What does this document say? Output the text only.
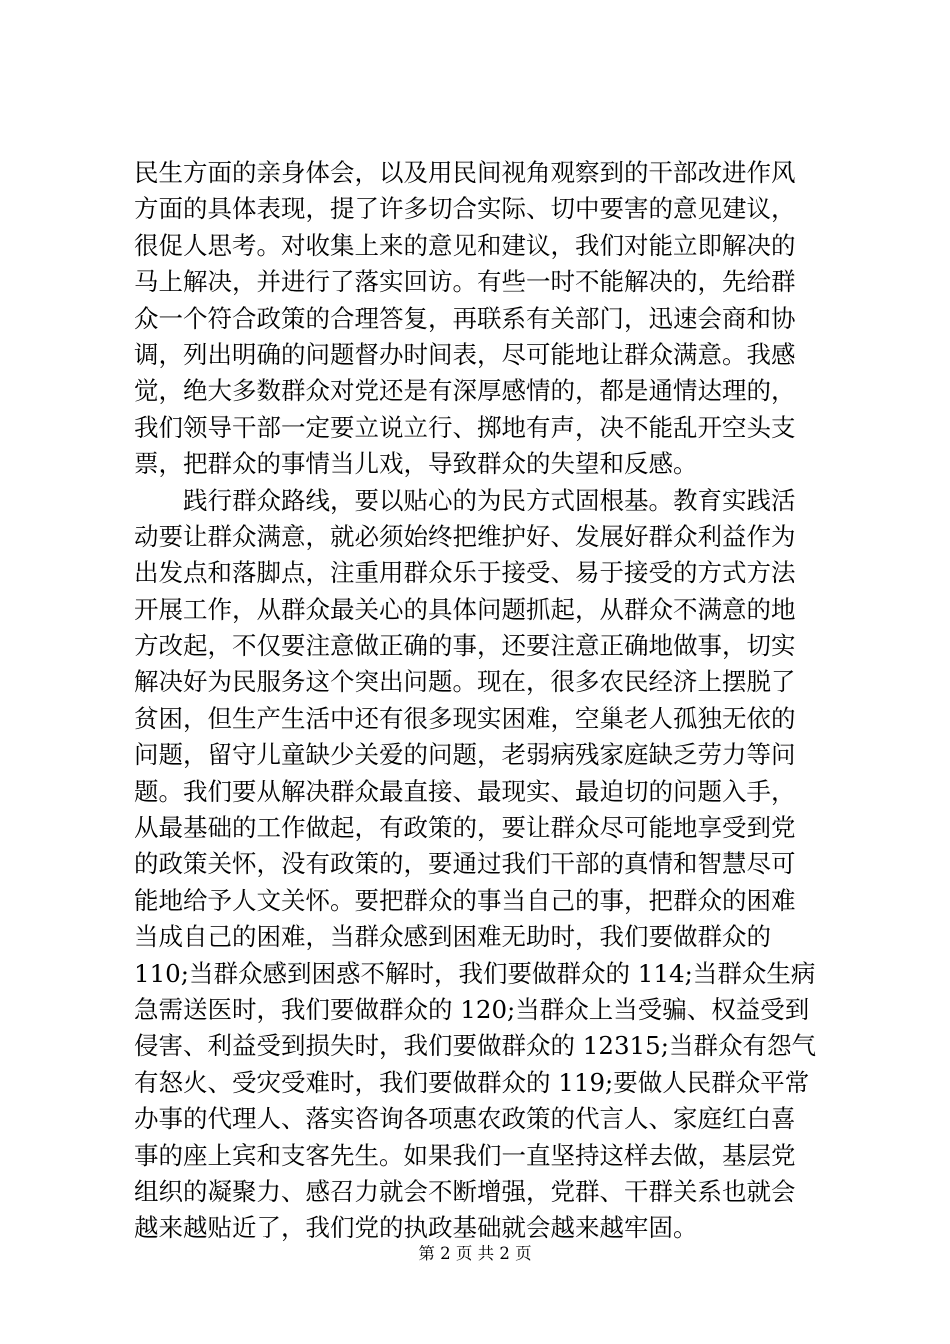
民生方面的亲身体会，以及用民间视角观察到的干部改进作风
方面的具体表现，提了许多切合实际、切中要害的意见建议，
很促人思考。对收集上来的意见和建议，我们对能立即解决的
马上解决，并进行了落实回访。有些一时不能解决的，先给群
众一个符合政策的合理答复，再联系有关部门，迅速会商和协
调，列出明确的问题督办时间表，尽可能地让群众满意。我感
觉，绝大多数群众对党还是有深厚感情的，都是通情达理的，
我们领导干部一定要立说立行、掷地有声，决不能乱开空头支
票，把群众的事情当儿戏，导致群众的失望和反感。
践行群众路线，要以贴心的为民方式固根基。教育实践活
动要让群众满意，就必须始终把维护好、发展好群众利益作为
出发点和落脚点，注重用群众乐于接受、易于接受的方式方法
开展工作，从群众最关心的具体问题抓起，从群众不满意的地
方改起，不仅要注意做正确的事，还要注意正确地做事，切实
解决好为民服务这个突出问题。现在，很多农民经济上摆脱了
贫困，但生产生活中还有很多现实困难，空巢老人孤独无依的
问题，留守儿童缺少关爱的问题，老弱病残家庭缺乏劳力等问
题。我们要从解决群众最直接、最现实、最迫切的问题入手，
从最基础的工作做起，有政策的，要让群众尽可能地享受到党
的政策关怀，没有政策的，要通过我们干部的真情和智慧尽可
能地给予人文关怀。要把群众的事当自己的事，把群众的困难
当成自己的困难，当群众感到困难无助时，我们要做群众的
110;当群众感到困惑不解时，我们要做群众的 114;当群众生病
急需送医时，我们要做群众的 120;当群众上当受骗、权益受到
侵害、利益受到损失时，我们要做群众的 12315;当群众有怨气
有怒火、受灾受难时，我们要做群众的 119;要做人民群众平常
办事的代理人、落实咨询各项惠农政策的代言人、家庭红白喜
事的座上宾和支客先生。如果我们一直坚持这样去做，基层党
组织的凝聚力、感召力就会不断增强，党群、干群关系也就会
越来越贴近了，我们党的执政基础就会越来越牢固。
第 2 页 共 2 页
